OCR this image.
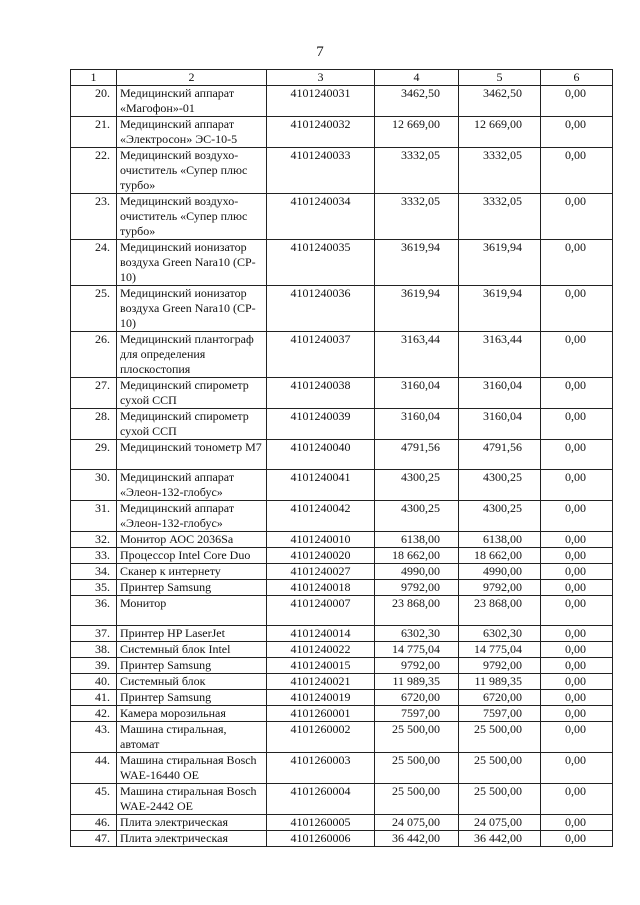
7
1	2	3	4	5	6
20.	Медицинский аппарат «Магофон»-01	4101240031	3462,50	3462,50	0,00
21.	Медицинский аппарат «Электросон» ЭС-10-5	4101240032	12 669,00	12 669,00	0,00
22.	Медицинский воздухо-очиститель «Супер плюс турбо»	4101240033	3332,05	3332,05	0,00
23.	Медицинский воздухо-очиститель «Супер плюс турбо»	4101240034	3332,05	3332,05	0,00
24.	Медицинский ионизатор воздуха Green Nara10 (CP-10)	4101240035	3619,94	3619,94	0,00
25.	Медицинский ионизатор воздуха Green Nara10 (CP-10)	4101240036	3619,94	3619,94	0,00
26.	Медицинский плантограф для определения плоскостопия	4101240037	3163,44	3163,44	0,00
27.	Медицинский спирометр сухой ССП	4101240038	3160,04	3160,04	0,00
28.	Медицинский спирометр сухой ССП	4101240039	3160,04	3160,04	0,00
29.	Медицинский тонометр М7	4101240040	4791,56	4791,56	0,00
30.	Медицинский аппарат «Элеон-132-глобус»	4101240041	4300,25	4300,25	0,00
31.	Медицинский аппарат «Элеон-132-глобус»	4101240042	4300,25	4300,25	0,00
32.	Монитор АОС 2036Sa	4101240010	6138,00	6138,00	0,00
33.	Процессор Intel Core Duo	4101240020	18 662,00	18 662,00	0,00
34.	Сканер к интернету	4101240027	4990,00	4990,00	0,00
35.	Принтер Samsung	4101240018	9792,00	9792,00	0,00
36.	Монитор	4101240007	23 868,00	23 868,00	0,00
37.	Принтер HP LaserJet	4101240014	6302,30	6302,30	0,00
38.	Системный блок Intel	4101240022	14 775,04	14 775,04	0,00
39.	Принтер Samsung	4101240015	9792,00	9792,00	0,00
40.	Системный блок	4101240021	11 989,35	11 989,35	0,00
41.	Принтер Samsung	4101240019	6720,00	6720,00	0,00
42.	Камера морозильная	4101260001	7597,00	7597,00	0,00
43.	Машина стиральная, автомат	4101260002	25 500,00	25 500,00	0,00
44.	Машина стиральная Bosch WAE-16440 OE	4101260003	25 500,00	25 500,00	0,00
45.	Машина стиральная Bosch WAE-2442 OE	4101260004	25 500,00	25 500,00	0,00
46.	Плита электрическая	4101260005	24 075,00	24 075,00	0,00
47.	Плита электрическая	4101260006	36 442,00	36 442,00	0,00
